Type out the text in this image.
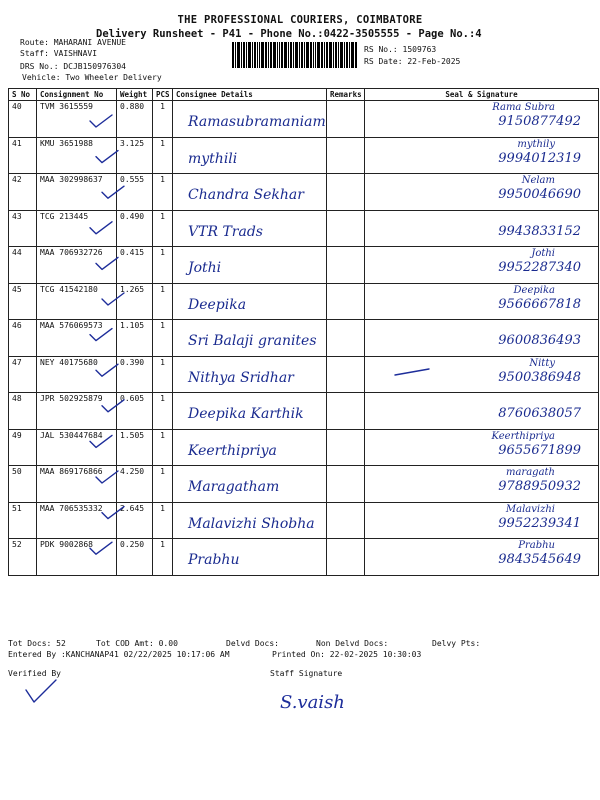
THE PROFESSIONAL COURIERS, COIMBATORE
Delivery Runsheet - P41 - Phone No.:0422-3505555 - Page No.:4
Route: MAHARANI AVENUE
Staff: VAISHNAVI
DRS No.: DCJB150976304
Vehicle: Two Wheeler Delivery
RS No.: 1509763
RS Date: 22-Feb-2025
S No	Consignment No	Weight	PCS	Consignee Details	Remarks	Seal & Signature
40	TVM 3615559	0.880	1	Ramasubramaniam		Rama Subra
9150877492

41	KMU 3651988	3.125	1	mythili		mythily
9994012319

42	MAA 302998637	0.555	1	Chandra Sekhar		Nelam
9950046690

43	TCG 213445	0.490	1	VTR Trads		9943833152

44	MAA 706932726	0.415	1	Jothi		Jothi
9952287340

45	TCG 41542180	1.265	1	Deepika		Deepika
9566667818

46	MAA 576069573	1.105	1	Sri Balaji granites		9600836493

47	NEY 40175680	0.390	1	Nithya Sridhar		Nitty
9500386948

48	JPR 502925879	0.605	1	Deepika Karthik		8760638057

49	JAL 530447684	1.505	1	Keerthipriya		Keerthipriya
9655671899

50	MAA 869176866	4.250	1	Maragatham		maragath
9788950932

51	MAA 706535332	2.645	1	Malavizhi Shobha		Malavizhi
9952239341

52	PDK 9002868	0.250	1	Prabhu		Prabhu
9843545649
S.vaish
Tot Docs: 52	Tot COD Amt: 0.00	Delvd Docs:	Non Delvd Docs:	Delvy Pts:
Entered By :KANCHANAP41 02/22/2025 10:17:06 AM	Printed On: 22-02-2025 10:30:03
Verified By	Staff Signature
